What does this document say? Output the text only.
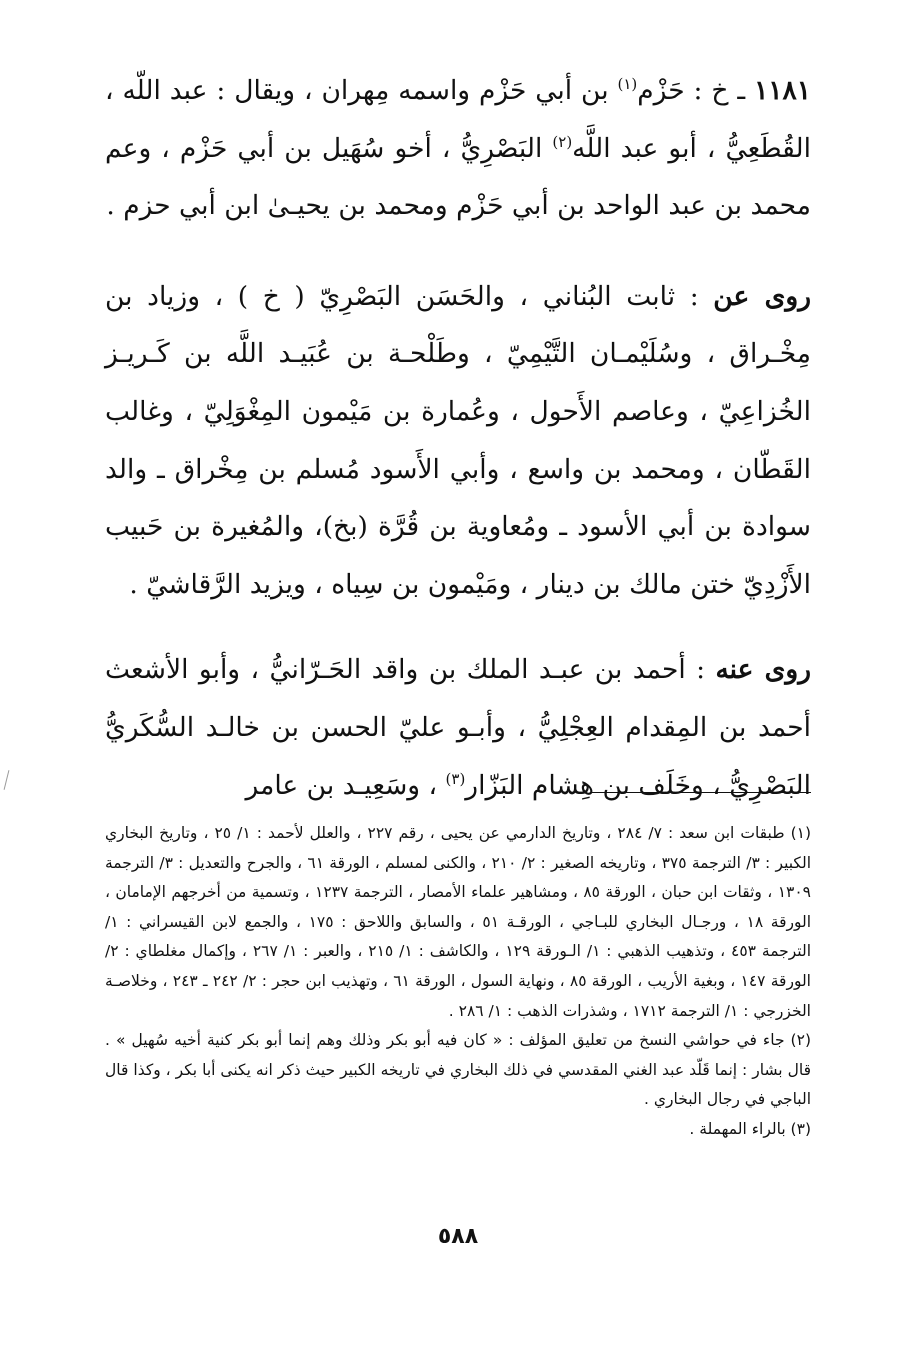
١١٨١ ـ خ : حَزْم$^{(١)}$ بن أبي حَزْم واسمه مِهران ، ويقال : عبد اللّه ، القُطَعِيُّ ، أبو عبد اللَّه$^{(٢)}$ البَصْرِيُّ ، أخو سُهَيل بن أبي حَزْم ، وعم محمد بن عبد الواحد بن أبي حَزْم ومحمد بن يحيـىٰ ابن أبي حزم .

روى عن : ثابت البُناني ، والحَسَن البَصْرِيّ ( خ ) ، وزياد بن مِخْـراق ، وسُلَيْمـان التَّيْمِيّ ، وطَلْحـة بن عُبَيـد اللَّه بن كَـريـز الخُزاعِيّ ، وعاصم الأَحول ، وعُمارة بن مَيْمون المِغْوَلِيّ ، وغالب القَطّان ، ومحمد بن واسع ، وأبي الأَسود مُسلم بن مِخْراق ـ والد سوادة بن أبي الأسود ـ ومُعاوية بن قُرَّة (بخ)، والمُغيرة بن حَبيب الأَزْدِيّ ختن مالك بن دينار ، ومَيْمون بن سِياه ، ويزيد الرَّقاشيّ .

روى عنه : أحمد بن عبـد الملك بن واقد الحَـرّانيُّ ، وأبو الأشعث أحمد بن المِقدام العِجْلِيُّ ، وأبـو عليّ الحسن بن خالـد السُّكَريُّ البَصْرِيُّ ، وخَلَف بن هِشام البَزّار$^{(٣)}$ ، وسَعِيـد بن عامر

(١) طبقات ابن سعد : ٧/ ٢٨٤ ، وتاريخ الدارمي عن يحيى ، رقم ٢٢٧ ، والعلل لأحمد : ١/ ٢٥ ، وتاريخ البخاري الكبير : ٣/ الترجمة ٣٧٥ ، وتاريخه الصغير : ٢/ ٢١٠ ، والكنى لمسلم ، الورقة ٦١ ، والجرح والتعديل : ٣/ الترجمة ١٣٠٩ ، وثقات ابن حبان ، الورقة ٨٥ ، ومشاهير علماء الأمصار ، الترجمة ١٢٣٧ ، وتسمية من أخرجهم الإمامان ، الورقة ١٨ ، ورجـال البخاري للبـاجي ، الورقـة ٥١ ، والسابق واللاحق : ١٧٥ ، والجمع لابن القيسراني : ١/ الترجمة ٤٥٣ ، وتذهيب الذهبي : ١/ الـورقة ١٢٩ ، والكاشف : ١/ ٢١٥ ، والعبر : ١/ ٢٦٧ ، وإكمال مغلطاي : ٢/ الورقة ١٤٧ ، وبغية الأريب ، الورقة ٨٥ ، ونهاية السول ، الورقة ٦١ ، وتهذيب ابن حجر : ٢/ ٢٤٢ ـ ٢٤٣ ، وخلاصـة الخزرجي : ١/ الترجمة ١٧١٢ ، وشذرات الذهب : ١/ ٢٨٦ .

(٢) جاء في حواشي النسخ من تعليق المؤلف : « كان فيه أبو بكر وذلك وهم إنما أبو بكر كنية أخيه سُهيل » . قال بشار : إنما قَلّد عبد الغني المقدسي في ذلك البخاري في تاريخه الكبير حيث ذكر انه يكنى أبا بكر ، وكذا قال الباجي في رجال البخاري .

(٣) بالراء المهملة .

٥٨٨
